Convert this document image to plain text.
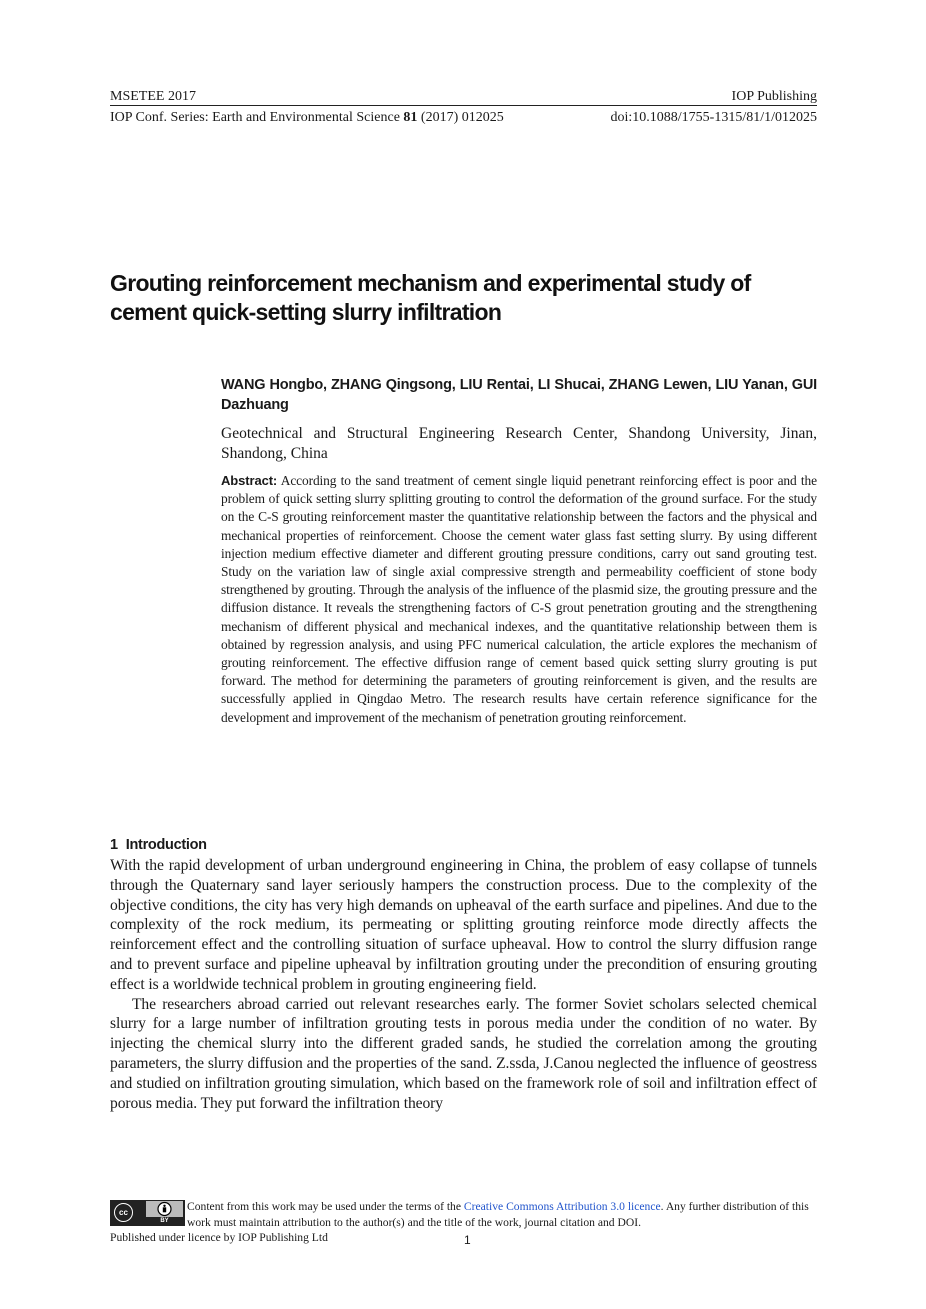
MSETEE 2017	IOP Publishing
IOP Conf. Series: Earth and Environmental Science 81 (2017) 012025	doi:10.1088/1755-1315/81/1/012025
Grouting reinforcement mechanism and experimental study of cement quick-setting slurry infiltration
WANG Hongbo, ZHANG Qingsong, LIU Rentai, LI Shucai, ZHANG Lewen, LIU Yanan, GUI Dazhuang
Geotechnical and Structural Engineering Research Center, Shandong University, Jinan, Shandong, China
Abstract: According to the sand treatment of cement single liquid penetrant reinforcing effect is poor and the problem of quick setting slurry splitting grouting to control the deformation of the ground surface. For the study on the C-S grouting reinforcement master the quantitative relationship between the factors and the physical and mechanical properties of reinforcement. Choose the cement water glass fast setting slurry. By using different injection medium effective diameter and different grouting pressure conditions, carry out sand grouting test. Study on the variation law of single axial compressive strength and permeability coefficient of stone body strengthened by grouting. Through the analysis of the influence of the plasmid size, the grouting pressure and the diffusion distance. It reveals the strengthening factors of C-S grout penetration grouting and the strengthening mechanism of different physical and mechanical indexes, and the quantitative relationship between them is obtained by regression analysis, and using PFC numerical calculation, the article explores the mechanism of grouting reinforcement. The effective diffusion range of cement based quick setting slurry grouting is put forward. The method for determining the parameters of grouting reinforcement is given, and the results are successfully applied in Qingdao Metro. The research results have certain reference significance for the development and improvement of the mechanism of penetration grouting reinforcement.
1 Introduction

With the rapid development of urban underground engineering in China, the problem of easy collapse of tunnels through the Quaternary sand layer seriously hampers the construction process. Due to the complexity of the objective conditions, the city has very high demands on upheaval of the earth surface and pipelines. And due to the complexity of the rock medium, its permeating or splitting grouting reinforce mode directly affects the reinforcement effect and the controlling situation of surface upheaval. How to control the slurry diffusion range and to prevent surface and pipeline upheaval by infiltration grouting under the precondition of ensuring grouting effect is a worldwide technical problem in grouting engineering field.

The researchers abroad carried out relevant researches early. The former Soviet scholars selected chemical slurry for a large number of infiltration grouting tests in porous media under the condition of no water. By injecting the chemical slurry into the different graded sands, he studied the correlation among the grouting parameters, the slurry diffusion and the properties of the sand. Z.ssda, J.Canou neglected the influence of geostress and studied on infiltration grouting simulation, which based on the framework role of soil and infiltration effect of porous media. They put forward the infiltration theory

cc
BY
Content from this work may be used under the terms of the Creative Commons Attribution 3.0 licence. Any further distribution of this work must maintain attribution to the author(s) and the title of the work, journal citation and DOI.
Published under licence by IOP Publishing Ltd	1
